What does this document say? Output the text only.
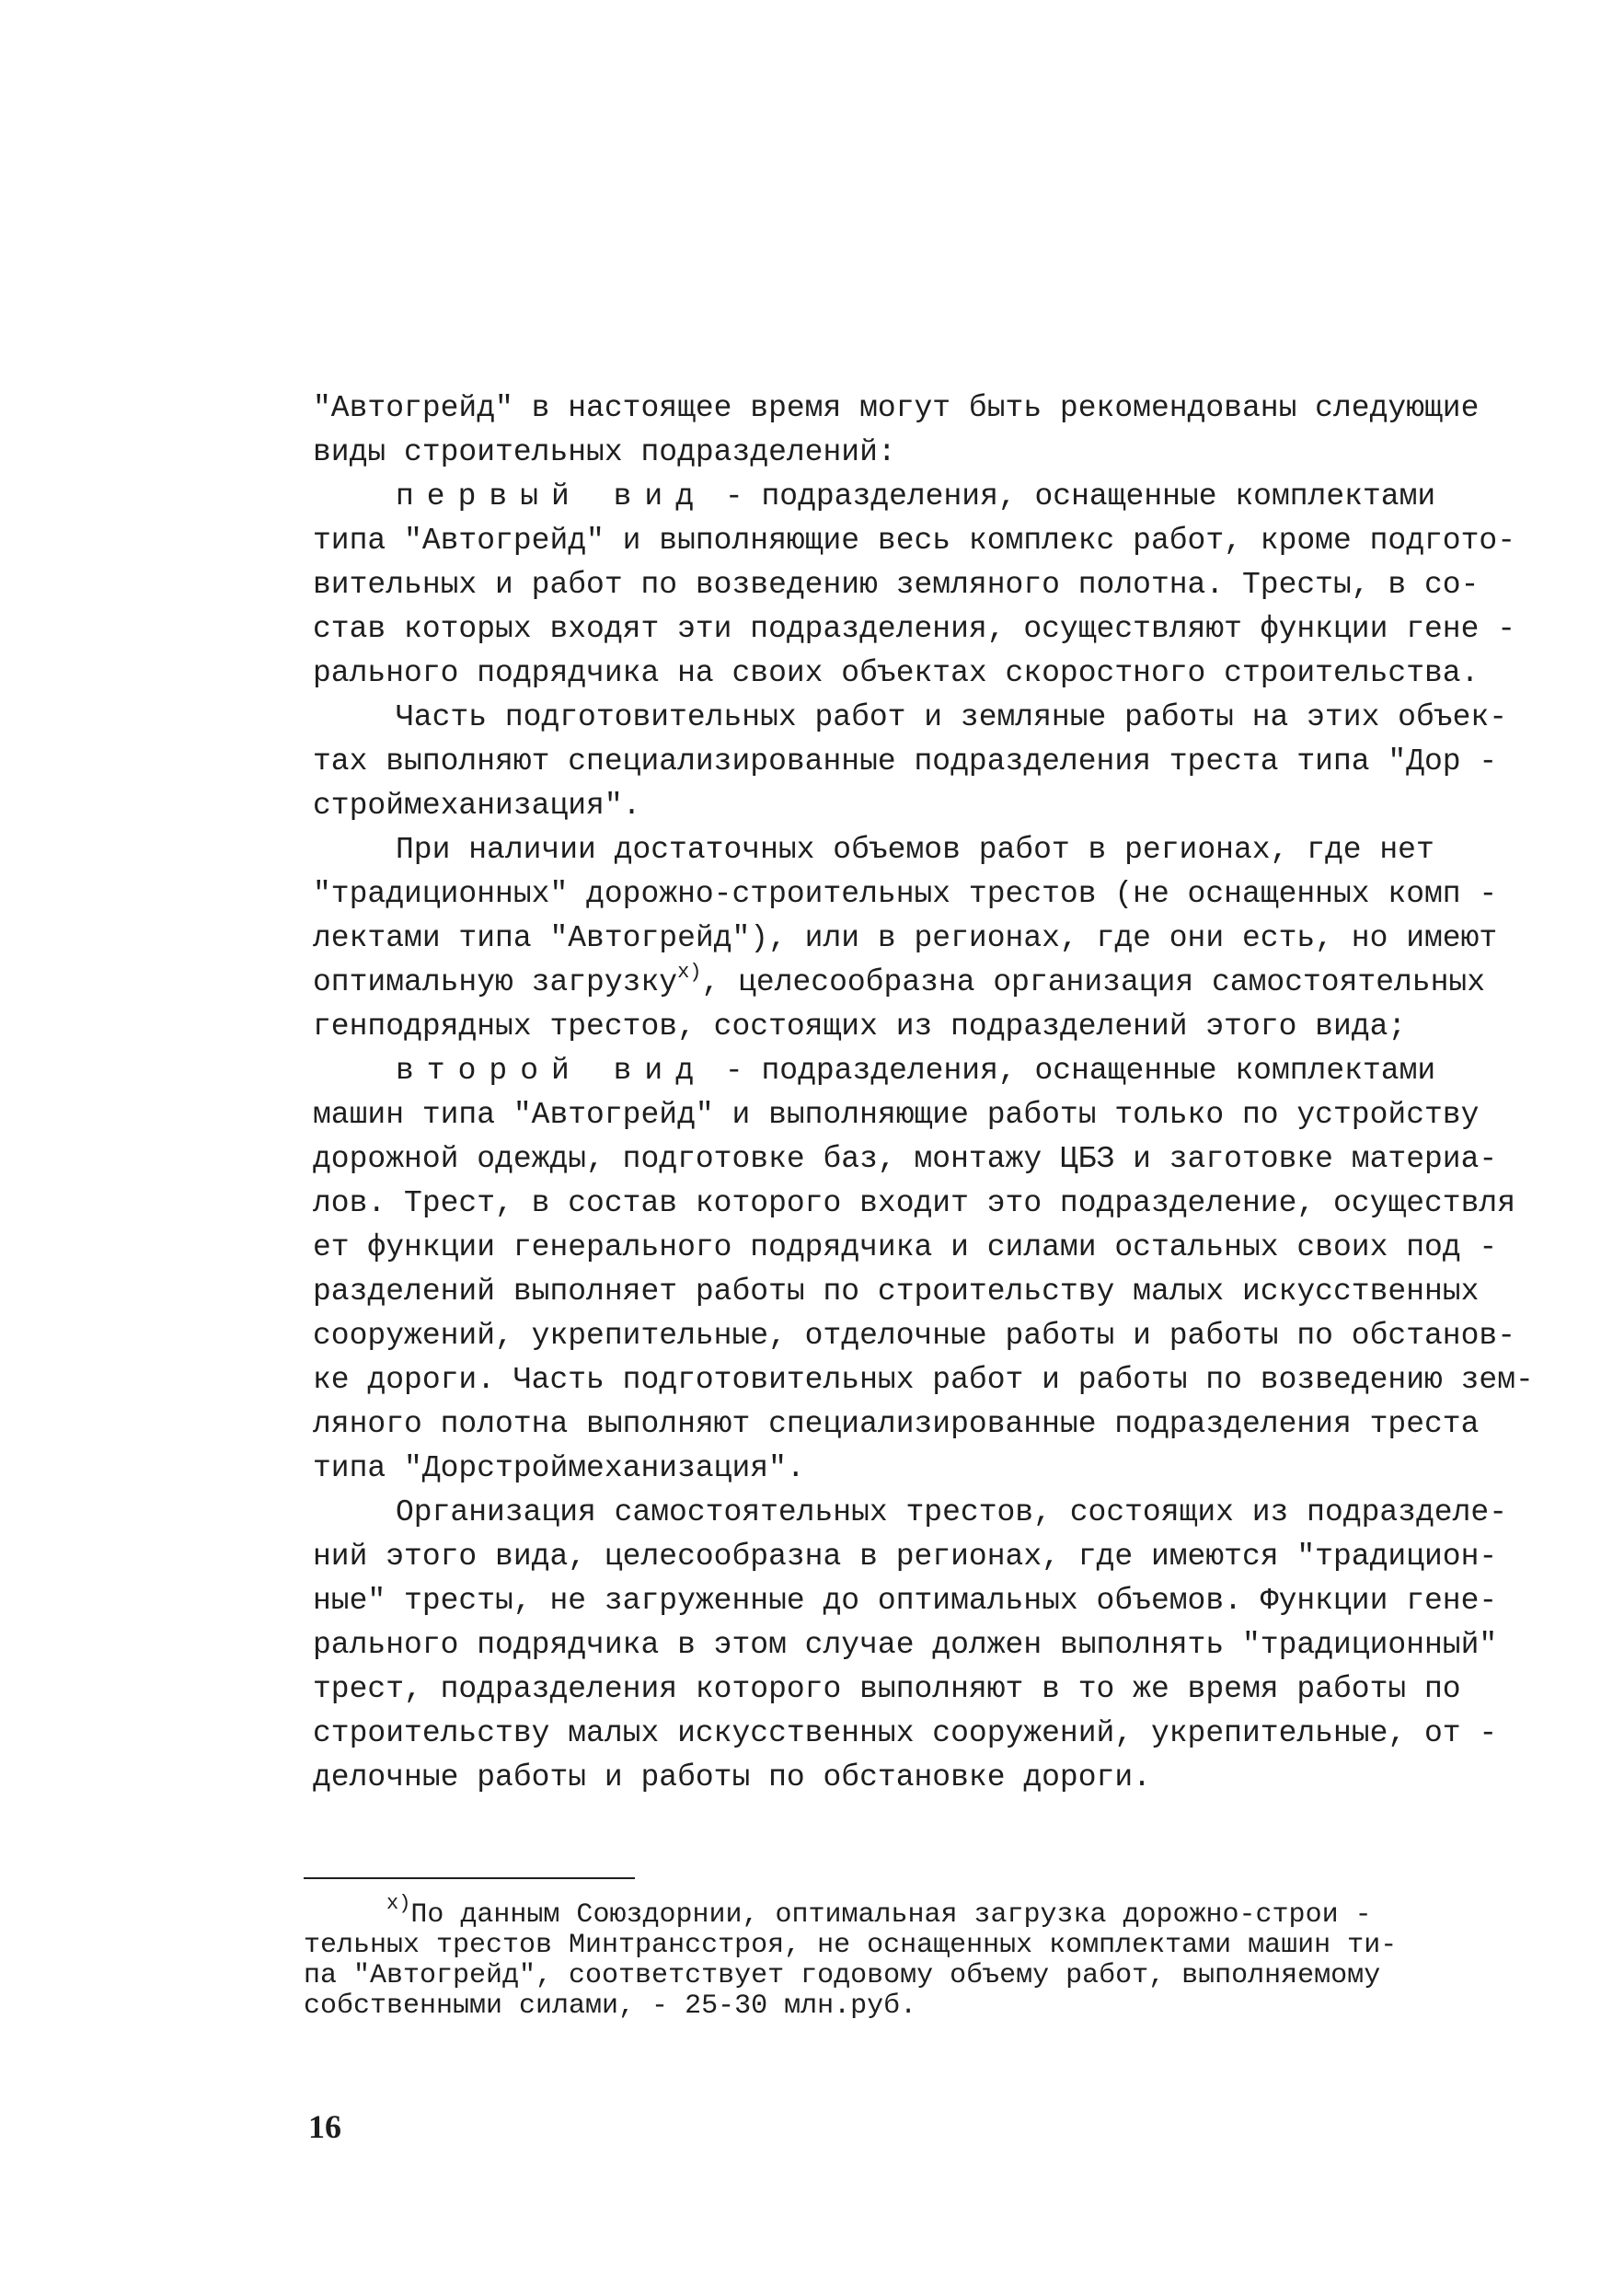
"Автогрейд" в настоящее время могут быть рекомендованы следующие
виды строительных подразделений:
первый вид - подразделения, оснащенные комплектами
типа "Автогрейд" и выполняющие весь комплекс работ, кроме подгото-
вительных и работ по возведению земляного полотна. Тресты, в со-
став которых входят эти подразделения, осуществляют функции гене -
рального подрядчика на своих объектах скоростного строительства.
Часть подготовительных работ и земляные работы на этих объек-
тах выполняют специализированные подразделения треста типа "Дор -
строймеханизация".
При наличии достаточных объемов работ в регионах, где нет
"традиционных" дорожно-строительных трестов (не оснащенных комп -
лектами типа "Автогрейд"), или в регионах, где они есть, но имеют
оптимальную загрузку$^{х)}$, целесообразна организация самостоятельных
генподрядных трестов, состоящих из подразделений этого вида;
второй вид - подразделения, оснащенные комплектами
машин типа "Автогрейд" и выполняющие работы только по устройству
дорожной одежды, подготовке баз, монтажу ЦБЗ и заготовке материа-
лов. Трест, в состав которого входит это подразделение, осуществля
ет функции генерального подрядчика и силами остальных своих под -
разделений выполняет работы по строительству малых искусственных
сооружений, укрепительные, отделочные работы и работы по обстанов-
ке дороги. Часть подготовительных работ и работы по возведению зем-
ляного полотна выполняют специализированные подразделения треста
типа "Дорстроймеханизация".
Организация самостоятельных трестов, состоящих из подразделе-
ний этого вида, целесообразна в регионах, где имеются "традицион-
ные" тресты, не загруженные до оптимальных объемов. Функции гене-
рального подрядчика в этом случае должен выполнять "традиционный"
трест, подразделения которого выполняют в то же время работы по
строительству малых искусственных сооружений, укрепительные, от -
делочные работы и работы по обстановке дороги.
$^{х)}$По данным Союздорнии, оптимальная загрузка дорожно-строи -
тельных трестов Минтрансстроя, не оснащенных комплектами машин ти-
па "Автогрейд", соответствует годовому объему работ, выполняемому
собственными силами, - 25-30 млн.руб.
16
